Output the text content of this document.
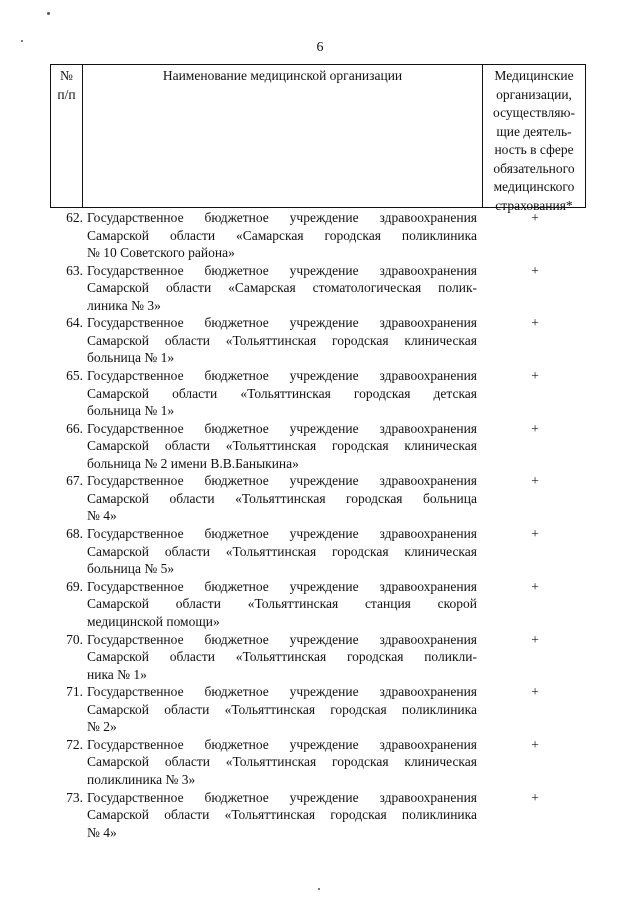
6
№
п/п
Наименование медицинской организации	Медицинские
организации,
осуществляю-
щие деятель-
ность в сфере
обязательного
медицинского
страхования*
62. Государственное бюджетное учреждение здравоохранения
Самарской области «Самарская городская поликлиника
№ 10 Советского района»
+
63. Государственное бюджетное учреждение здравоохранения
Самарской области «Самарская стоматологическая полик-
линика № 3»
+
64. Государственное бюджетное учреждение здравоохранения
Самарской области «Тольяттинская городская клиническая
больница № 1»
+
65. Государственное бюджетное учреждение здравоохранения
Самарской области «Тольяттинская городская детская
больница № 1»
+
66. Государственное бюджетное учреждение здравоохранения
Самарской области «Тольяттинская городская клиническая
больница № 2 имени В.В.Баныкина»
+
67. Государственное бюджетное учреждение здравоохранения
Самарской области «Тольяттинская городская больница
№ 4»
+
68. Государственное бюджетное учреждение здравоохранения
Самарской области «Тольяттинская городская клиническая
больница № 5»
+
69. Государственное бюджетное учреждение здравоохранения
Самарской области «Тольяттинская станция скорой
медицинской помощи»
+
70. Государственное бюджетное учреждение здравоохранения
Самарской области «Тольяттинская городская поликли-
ника № 1»
+
71. Государственное бюджетное учреждение здравоохранения
Самарской области «Тольяттинская городская поликлиника
№ 2»
+
72. Государственное бюджетное учреждение здравоохранения
Самарской области «Тольяттинская городская клиническая
поликлиника № 3»
+
73. Государственное бюджетное учреждение здравоохранения
Самарской области «Тольяттинская городская поликлиника
№ 4»
+
